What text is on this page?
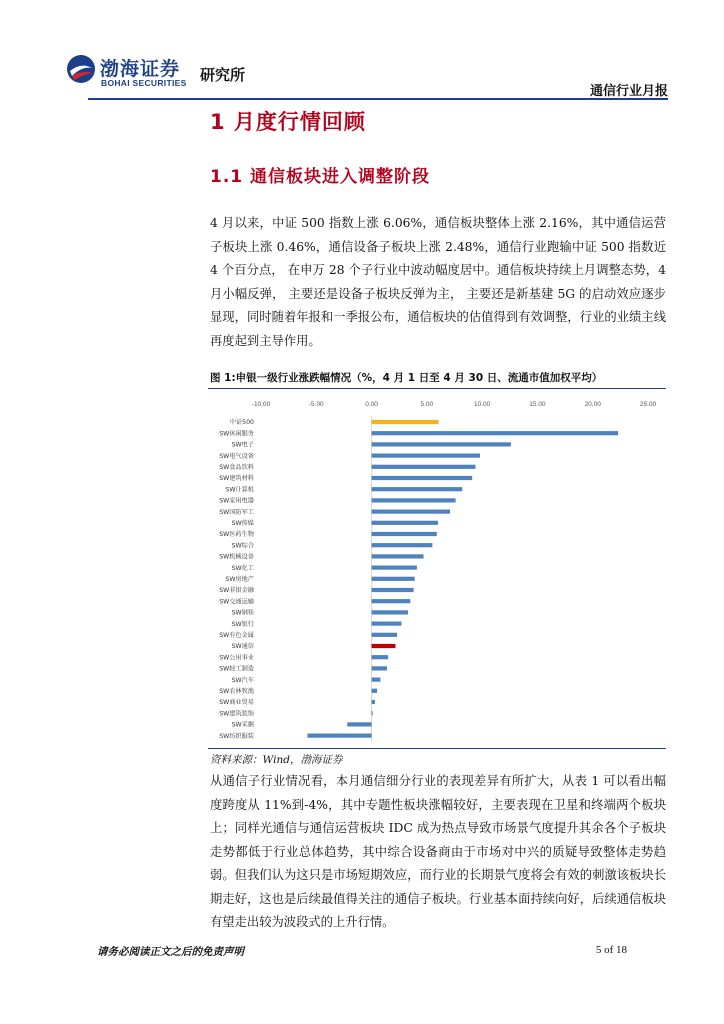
渤海证券
BOHAI SECURITIES 研究所
通信行业月报
1 月度行情回顾
1.1 通信板块进入调整阶段

4 月以来，中证 500 指数上涨 6.06%，通信板块整体上涨 2.16%，其中通信运营子板块上涨 0.46%，通信设备子板块上涨 2.48%，通信行业跑输中证 500 指数近 4 个百分点， 在申万 28 个子行业中波动幅度居中。通信板块持续上月调整态势，4 月小幅反弹， 主要还是设备子板块反弹为主， 主要还是新基建 5G 的启动效应逐步显现，同时随着年报和一季报公布，通信板块的估值得到有效调整，行业的业绩主线再度起到主导作用。

图 1:申银一级行业涨跌幅情况（%，4 月 1 日至 4 月 30 日、流通市值加权平均）
-10.00	-5.00	0.00	5.00	10.00	15.00	20.00	25.00
中证500
SW休闲服务
SW电子
SW电气设备
SW食品饮料
SW建筑材料
SW计算机
SW家用电器
SW国防军工
SW传媒
SW医药生物
SW综合
SW机械设备
SW化工
SW房地产
SW非银金融
SW交通运输
SW钢铁
SW银行
SW有色金属
SW通信
SW公用事业
SW轻工制造
SW汽车
SW农林牧渔
SW商业贸易
SW建筑装饰
SW采掘
SW纺织服装
资料来源：Wind，渤海证券

从通信子行业情况看，本月通信细分行业的表现差异有所扩大，从表 1 可以看出幅度跨度从 11%到-4%，其中专题性板块涨幅较好，主要表现在卫星和终端两个板块上；同样光通信与通信运营板块 IDC 成为热点导致市场景气度提升其余各个子板块走势都低于行业总体趋势，其中综合设备商由于市场对中兴的质疑导致整体走势趋弱。但我们认为这只是市场短期效应，而行业的长期景气度将会有效的刺激该板块长期走好，这也是后续最值得关注的通信子板块。行业基本面持续向好，后续通信板块有望走出较为波段式的上升行情。

请务必阅读正文之后的免责声明	5 of 18
